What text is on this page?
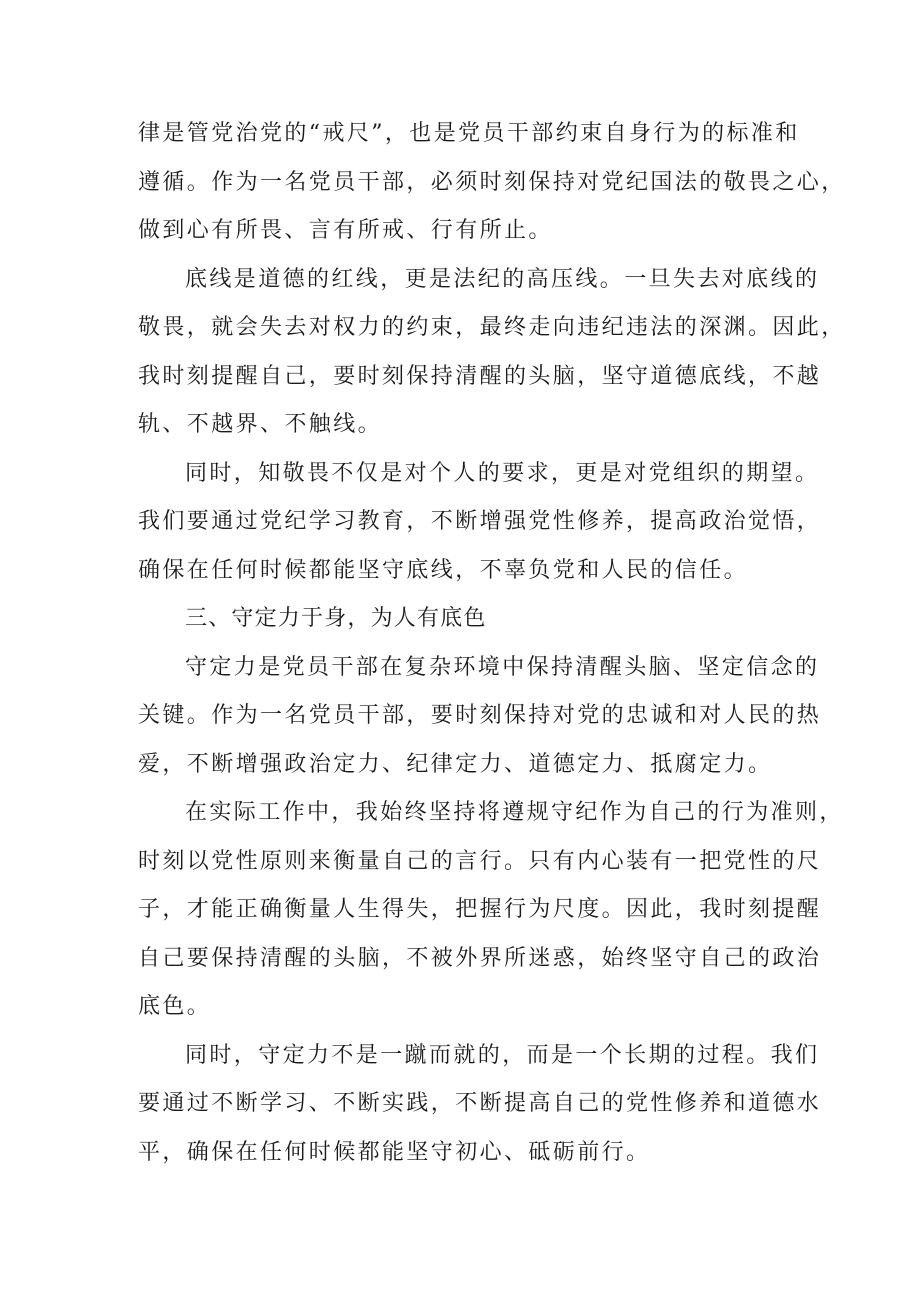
律是管党治党的“戒尺”，也是党员干部约束自身行为的标准和
遵循。作为一名党员干部，必须时刻保持对党纪国法的敬畏之心，
做到心有所畏、言有所戒、行有所止。
底线是道德的红线，更是法纪的高压线。一旦失去对底线的
敬畏，就会失去对权力的约束，最终走向违纪违法的深渊。因此，
我时刻提醒自己，要时刻保持清醒的头脑，坚守道德底线，不越
轨、不越界、不触线。
同时，知敬畏不仅是对个人的要求，更是对党组织的期望。
我们要通过党纪学习教育，不断增强党性修养，提高政治觉悟，
确保在任何时候都能坚守底线，不辜负党和人民的信任。
三、守定力于身，为人有底色
守定力是党员干部在复杂环境中保持清醒头脑、坚定信念的
关键。作为一名党员干部，要时刻保持对党的忠诚和对人民的热
爱，不断增强政治定力、纪律定力、道德定力、抵腐定力。
在实际工作中，我始终坚持将遵规守纪作为自己的行为准则，
时刻以党性原则来衡量自己的言行。只有内心装有一把党性的尺
子，才能正确衡量人生得失，把握行为尺度。因此，我时刻提醒
自己要保持清醒的头脑，不被外界所迷惑，始终坚守自己的政治
底色。
同时，守定力不是一蹴而就的，而是一个长期的过程。我们
要通过不断学习、不断实践，不断提高自己的党性修养和道德水
平，确保在任何时候都能坚守初心、砥砺前行。
